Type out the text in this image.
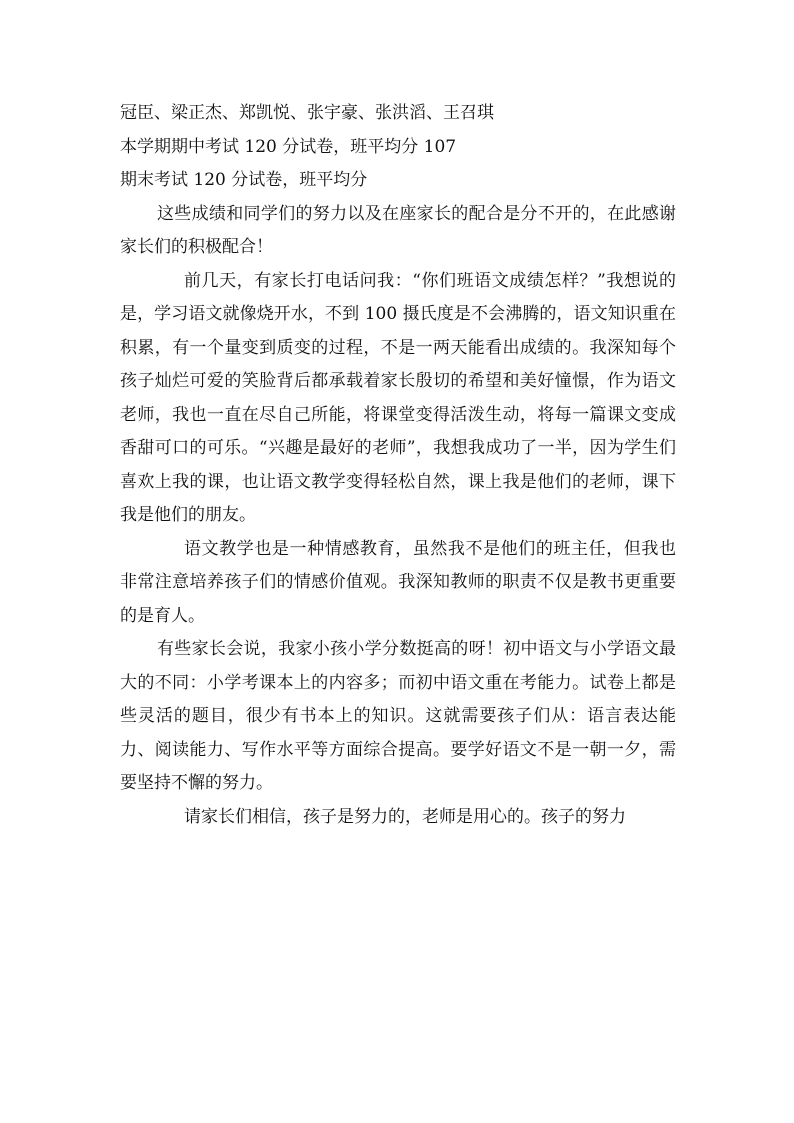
冠臣、梁正杰、郑凯悦、张宇豪、张洪滔、王召琪

本学期期中考试 120 分试卷，班平均分 107

期末考试 120 分试卷，班平均分

这些成绩和同学们的努力以及在座家长的配合是分不开的，在此感谢家长们的积极配合！

前几天，有家长打电话问我：“你们班语文成绩怎样？”我想说的是，学习语文就像烧开水，不到 100 摄氏度是不会沸腾的，语文知识重在积累，有一个量变到质变的过程，不是一两天能看出成绩的。我深知每个孩子灿烂可爱的笑脸背后都承载着家长殷切的希望和美好憧憬，作为语文老师，我也一直在尽自己所能，将课堂变得活泼生动，将每一篇课文变成香甜可口的可乐。“兴趣是最好的老师”，我想我成功了一半，因为学生们喜欢上我的课，也让语文教学变得轻松自然，课上我是他们的老师，课下我是他们的朋友。

语文教学也是一种情感教育，虽然我不是他们的班主任，但我也非常注意培养孩子们的情感价值观。我深知教师的职责不仅是教书更重要的是育人。

有些家长会说，我家小孩小学分数挺高的呀！初中语文与小学语文最大的不同：小学考课本上的内容多；而初中语文重在考能力。试卷上都是些灵活的题目，很少有书本上的知识。这就需要孩子们从：语言表达能力、阅读能力、写作水平等方面综合提高。要学好语文不是一朝一夕，需要坚持不懈的努力。

请家长们相信，孩子是努力的，老师是用心的。孩子的努力
